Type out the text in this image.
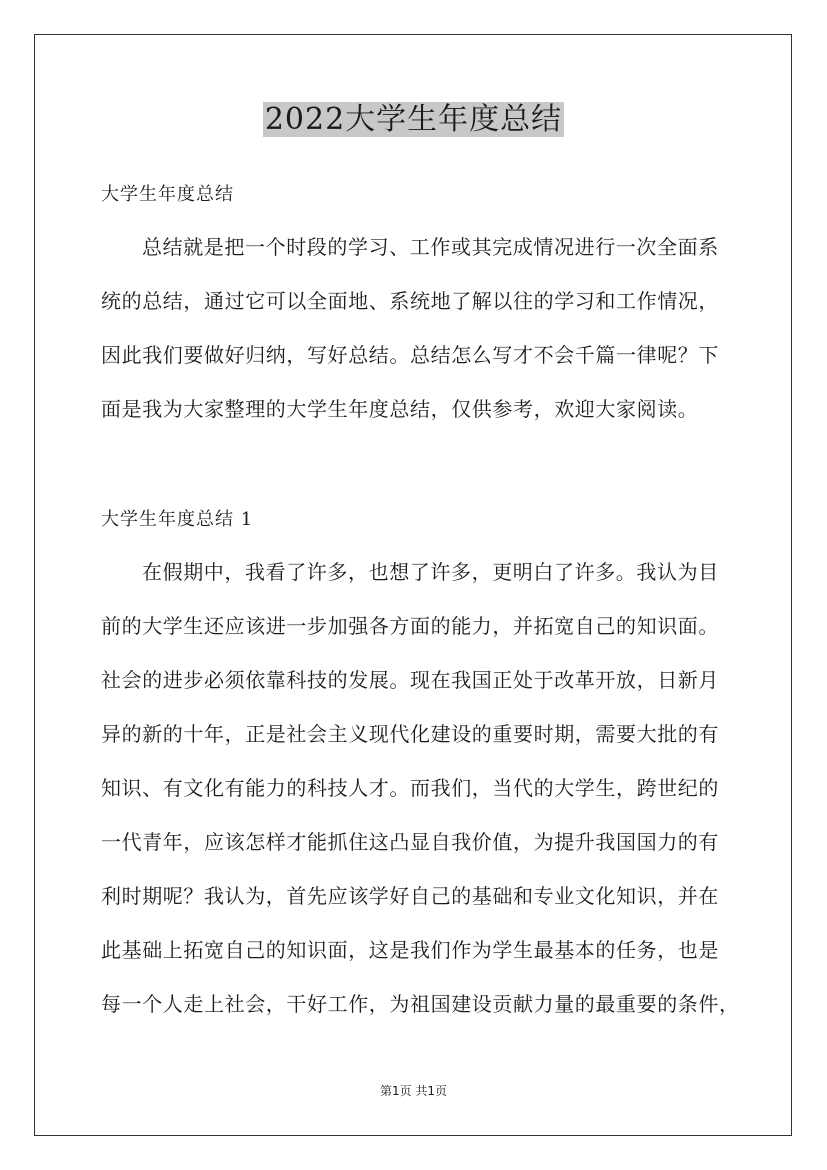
2022大学生年度总结
大学生年度总结

总结就是把一个时段的学习、工作或其完成情况进行一次全面系
统的总结，通过它可以全面地、系统地了解以往的学习和工作情况，
因此我们要做好归纳，写好总结。总结怎么写才不会千篇一律呢？下
面是我为大家整理的大学生年度总结，仅供参考，欢迎大家阅读。

大学生年度总结 1

在假期中，我看了许多，也想了许多，更明白了许多。我认为目
前的大学生还应该进一步加强各方面的能力，并拓宽自己的知识面。
社会的进步必须依靠科技的发展。现在我国正处于改革开放，日新月
异的新的十年，正是社会主义现代化建设的重要时期，需要大批的有
知识、有文化有能力的科技人才。而我们，当代的大学生，跨世纪的
一代青年，应该怎样才能抓住这凸显自我价值，为提升我国国力的有
利时期呢？我认为，首先应该学好自己的基础和专业文化知识，并在
此基础上拓宽自己的知识面，这是我们作为学生最基本的任务，也是
每一个人走上社会，干好工作，为祖国建设贡献力量的最重要的条件，

第1页 共1页
